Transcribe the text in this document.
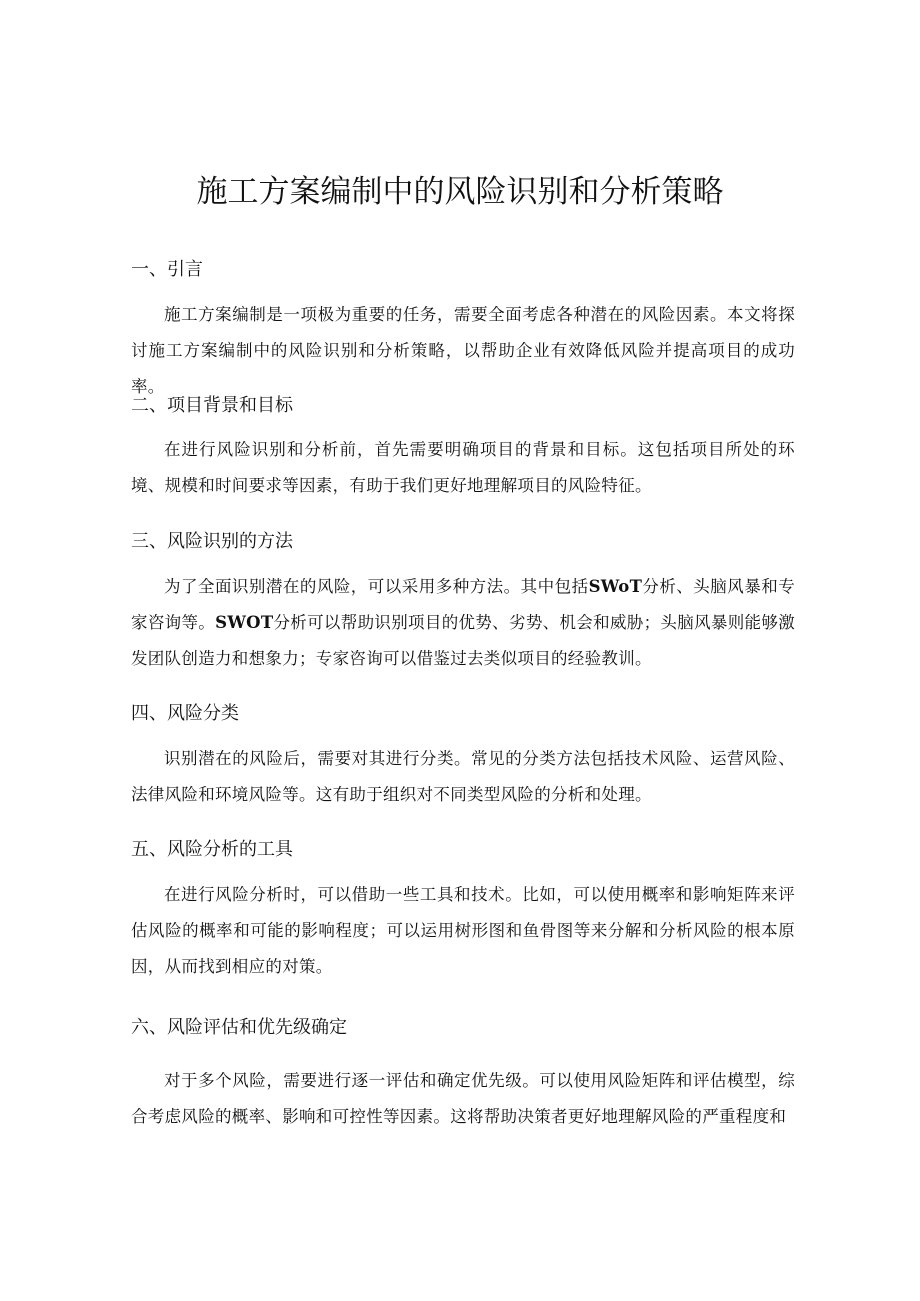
施工方案编制中的风险识别和分析策略
一、引言

施工方案编制是一项极为重要的任务，需要全面考虑各种潜在的风险因素。本文将探讨施工方案编制中的风险识别和分析策略，以帮助企业有效降低风险并提高项目的成功率。

二、项目背景和目标

在进行风险识别和分析前，首先需要明确项目的背景和目标。这包括项目所处的环境、规模和时间要求等因素，有助于我们更好地理解项目的风险特征。

三、风险识别的方法

为了全面识别潜在的风险，可以采用多种方法。其中包括SWoT分析、头脑风暴和专家咨询等。SWOT分析可以帮助识别项目的优势、劣势、机会和威胁；头脑风暴则能够激发团队创造力和想象力；专家咨询可以借鉴过去类似项目的经验教训。

四、风险分类

识别潜在的风险后，需要对其进行分类。常见的分类方法包括技术风险、运营风险、法律风险和环境风险等。这有助于组织对不同类型风险的分析和处理。

五、风险分析的工具

在进行风险分析时，可以借助一些工具和技术。比如，可以使用概率和影响矩阵来评估风险的概率和可能的影响程度；可以运用树形图和鱼骨图等来分解和分析风险的根本原因，从而找到相应的对策。

六、风险评估和优先级确定

对于多个风险，需要进行逐一评估和确定优先级。可以使用风险矩阵和评估模型，综合考虑风险的概率、影响和可控性等因素。这将帮助决策者更好地理解风险的严重程度和
